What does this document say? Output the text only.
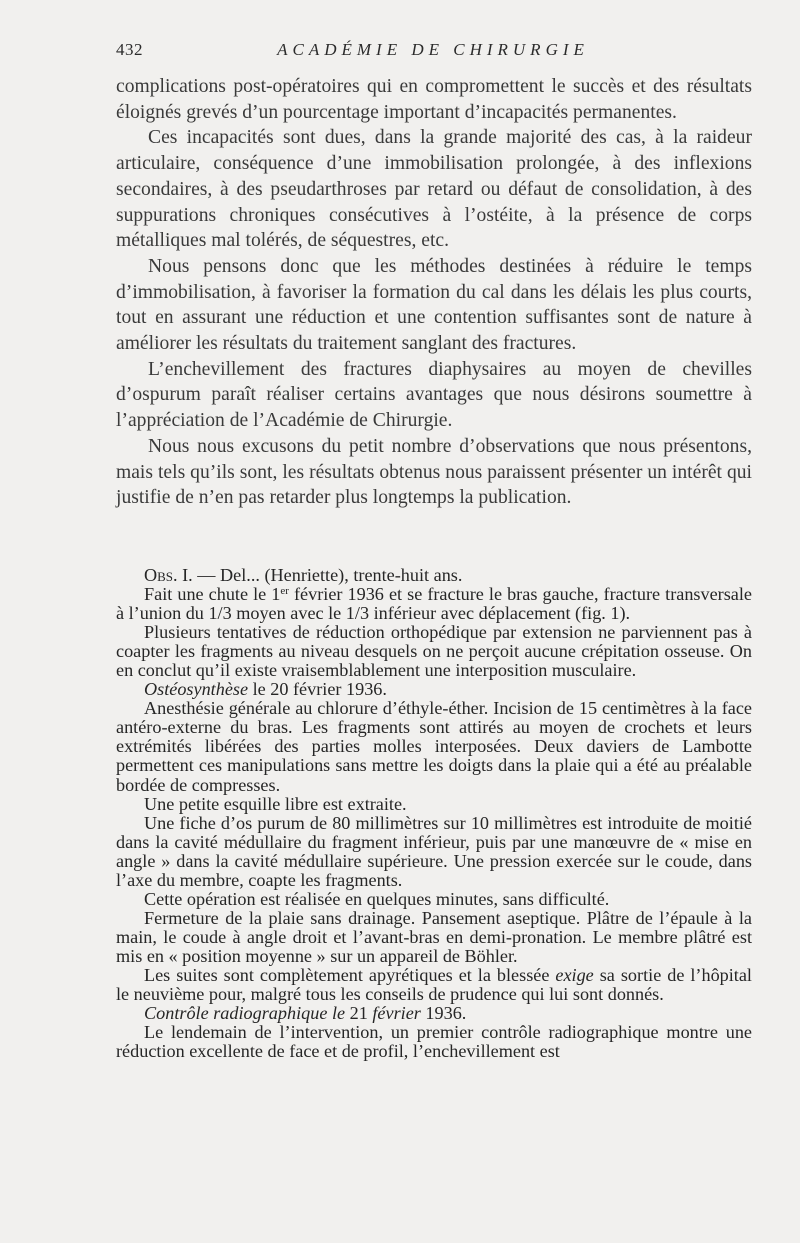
432	ACADÉMIE DE CHIRURGIE

complications post-opératoires qui en compromettent le succès et des résultats éloignés grevés d’un pourcentage important d’incapacités permanentes.

Ces incapacités sont dues, dans la grande majorité des cas, à la raideur articulaire, conséquence d’une immobilisation prolongée, à des inflexions secondaires, à des pseudarthroses par retard ou défaut de consolidation, à des suppurations chroniques consécutives à l’ostéite, à la présence de corps métalliques mal tolérés, de séquestres, etc.

Nous pensons donc que les méthodes destinées à réduire le temps d’immobilisation, à favoriser la formation du cal dans les délais les plus courts, tout en assurant une réduction et une contention suffisantes sont de nature à améliorer les résultats du traitement sanglant des fractures.

L’enchevillement des fractures diaphysaires au moyen de chevilles d’ospurum paraît réaliser certains avantages que nous désirons soumettre à l’appréciation de l’Académie de Chirurgie.

Nous nous excusons du petit nombre d’observations que nous présentons, mais tels qu’ils sont, les résultats obtenus nous paraissent présenter un intérêt qui justifie de n’en pas retarder plus longtemps la publication.

Obs. I. — Del... (Henriette), trente-huit ans.

Fait une chute le 1er février 1936 et se fracture le bras gauche, fracture transversale à l’union du 1/3 moyen avec le 1/3 inférieur avec déplacement (fig. 1).

Plusieurs tentatives de réduction orthopédique par extension ne parviennent pas à coapter les fragments au niveau desquels on ne perçoit aucune crépitation osseuse. On en conclut qu’il existe vraisemblablement une interposition musculaire.

Ostéosynthèse le 20 février 1936.

Anesthésie générale au chlorure d’éthyle-éther. Incision de 15 centimètres à la face antéro-externe du bras. Les fragments sont attirés au moyen de crochets et leurs extrémités libérées des parties molles interposées. Deux daviers de Lambotte permettent ces manipulations sans mettre les doigts dans la plaie qui a été au préalable bordée de compresses.

Une petite esquille libre est extraite.

Une fiche d’os purum de 80 millimètres sur 10 millimètres est introduite de moitié dans la cavité médullaire du fragment inférieur, puis par une manœuvre de « mise en angle » dans la cavité médullaire supérieure. Une pression exercée sur le coude, dans l’axe du membre, coapte les fragments.

Cette opération est réalisée en quelques minutes, sans difficulté.

Fermeture de la plaie sans drainage. Pansement aseptique. Plâtre de l’épaule à la main, le coude à angle droit et l’avant-bras en demi-pronation. Le membre plâtré est mis en « position moyenne » sur un appareil de Böhler.

Les suites sont complètement apyrétiques et la blessée exige sa sortie de l’hôpital le neuvième pour, malgré tous les conseils de prudence qui lui sont donnés.

Contrôle radiographique le 21 février 1936.

Le lendemain de l’intervention, un premier contrôle radiographique montre une réduction excellente de face et de profil, l’enchevillement est
